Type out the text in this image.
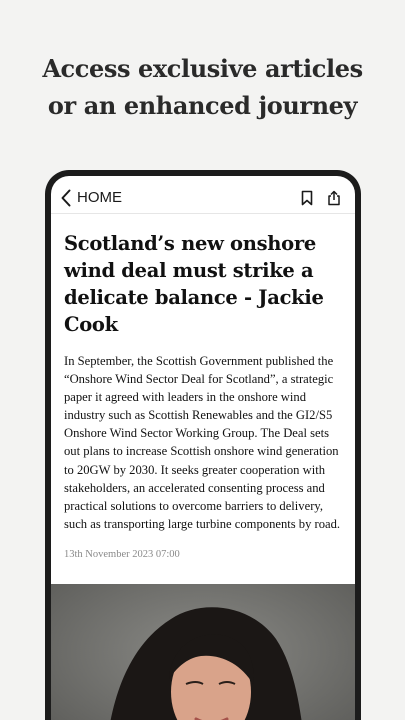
Access exclusive articles
or an enhanced journey
HOME
Scotland’s new onshore wind deal must strike a delicate balance - Jackie Cook

In September, the Scottish Government published the “Onshore Wind Sector Deal for Scotland”, a strategic paper it agreed with leaders in the onshore wind industry such as Scottish Renewables and the GI2/S5 Onshore Wind Sector Working Group. The Deal sets out plans to increase Scottish onshore wind generation to 20GW by 2030. It seeks greater cooperation with stakeholders, an accelerated consenting process and practical solutions to overcome barriers to delivery, such as transporting large turbine components by road.

13th November 2023 07:00
